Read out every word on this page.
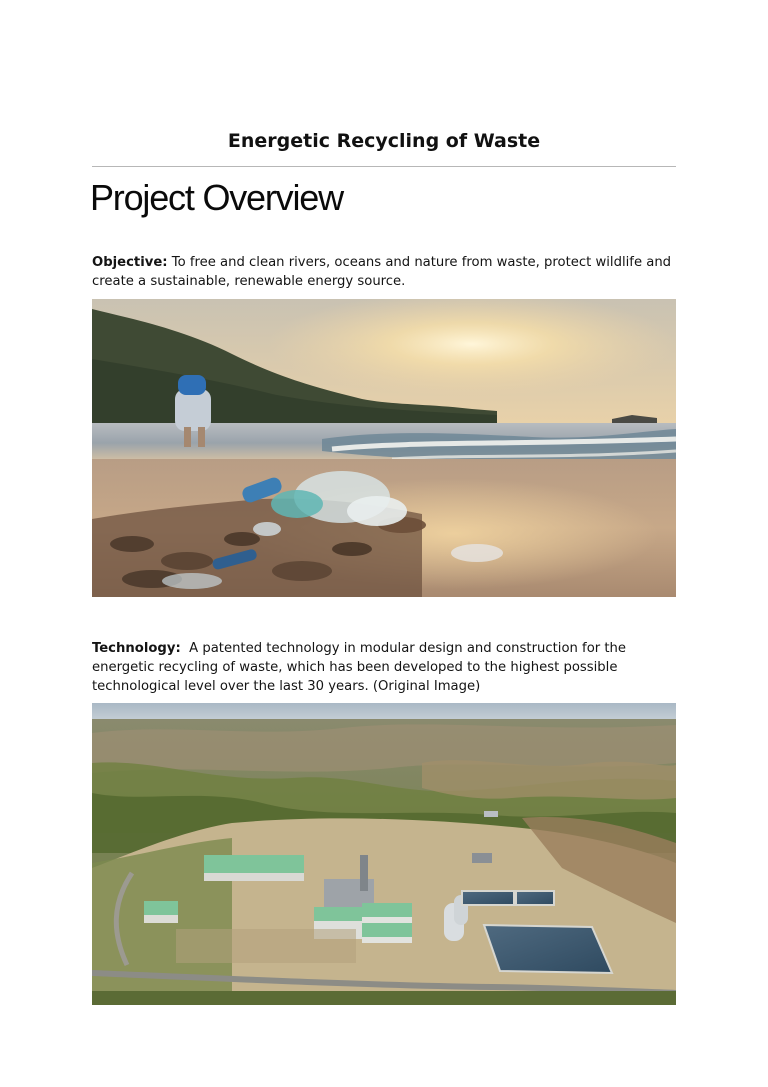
Energetic Recycling of Waste
Project Overview

Objective: To free and clean rivers, oceans and nature from waste, protect wildlife and create a sustainable, renewable energy source.

Technology: A patented technology in modular design and construction for the energetic recycling of waste, which has been developed to the highest possible technological level over the last 30 years. (Original Image)
